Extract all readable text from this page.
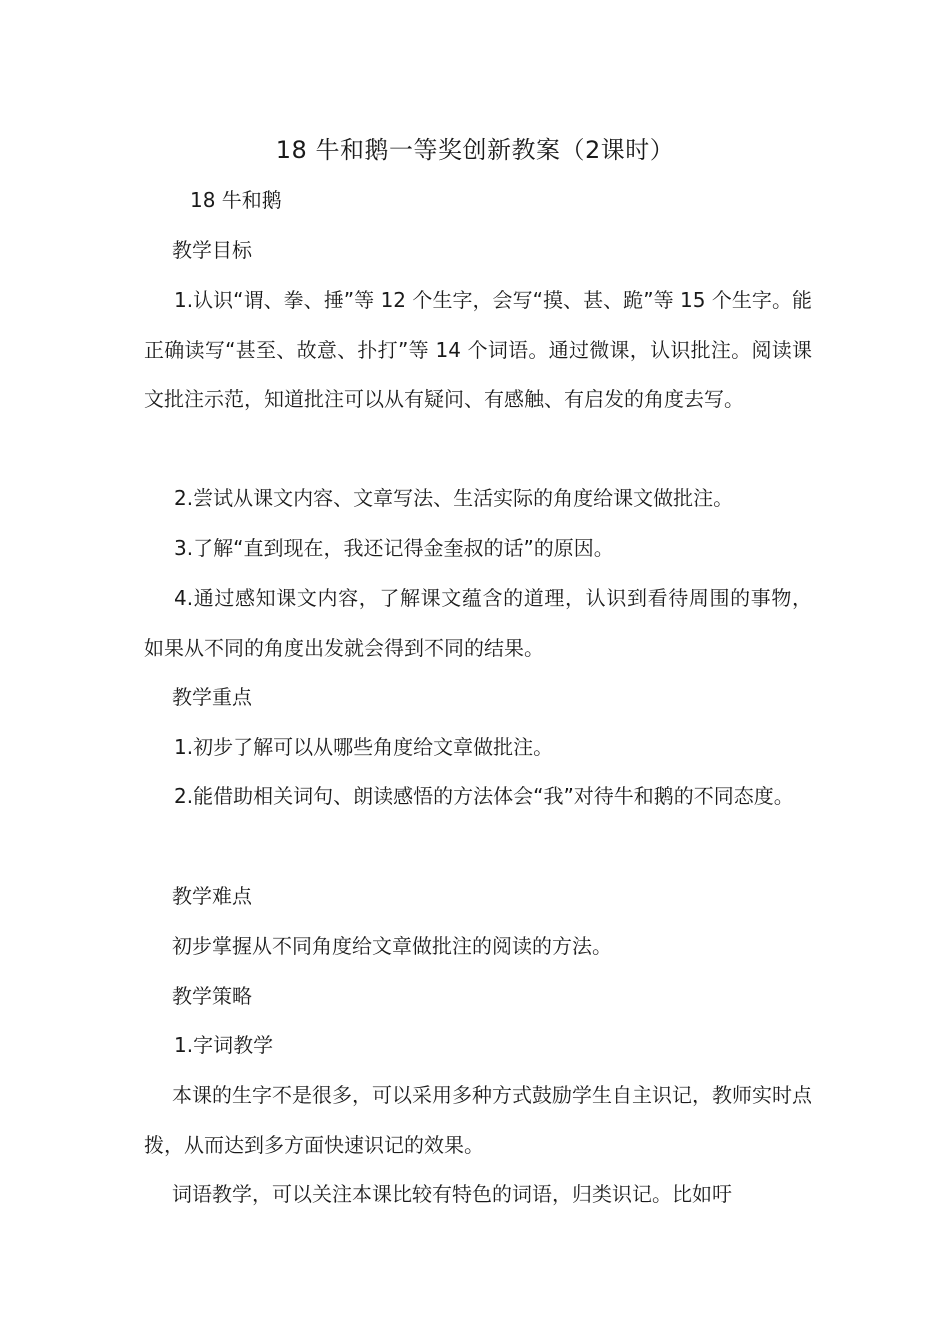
18 牛和鹅一等奖创新教案（2课时）

18 牛和鹅

教学目标

1.认识“谓、拳、捶”等 12 个生字，会写“摸、甚、跪”等 15 个生字。能正确读写“甚至、故意、扑打”等 14 个词语。通过微课，认识批注。阅读课文批注示范，知道批注可以从有疑问、有感触、有启发的角度去写。

2.尝试从课文内容、文章写法、生活实际的角度给课文做批注。

3.了解“直到现在，我还记得金奎叔的话”的原因。

4.通过感知课文内容，了解课文蕴含的道理，认识到看待周围的事物，如果从不同的角度出发就会得到不同的结果。

教学重点

1.初步了解可以从哪些角度给文章做批注。

2.能借助相关词句、朗读感悟的方法体会“我”对待牛和鹅的不同态度。

教学难点

初步掌握从不同角度给文章做批注的阅读的方法。

教学策略

1.字词教学

本课的生字不是很多，可以采用多种方式鼓励学生自主识记，教师实时点拨，从而达到多方面快速识记的效果。

词语教学，可以关注本课比较有特色的词语，归类识记。比如吁
